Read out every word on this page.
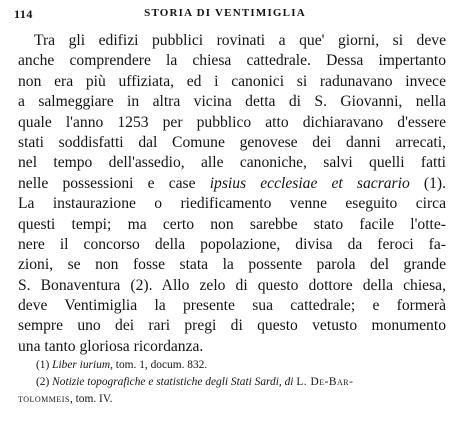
114	STORIA DI VENTIMIGLIA
Tra gli edifizi pubblici rovinati a que' giorni, si deve
anche comprendere la chiesa cattedrale. Dessa impertanto
non era più uffiziata, ed i canonici si radunavano invece
a salmeggiare in altra vicina detta di S. Giovanni, nella
quale l'anno 1253 per pubblico atto dichiaravano d'essere
stati soddisfatti dal Comune genovese dei danni arrecati,
nel tempo dell'assedio, alle canoniche, salvi quelli fatti
nelle possessioni e case ipsius ecclesiae et sacrario (1).
La instaurazione o riedificamento venne eseguito circa
questi tempi; ma certo non sarebbe stato facile l'otte-
nere il concorso della popolazione, divisa da feroci fa-
zioni, se non fosse stata la possente parola del grande
S. Bonaventura (2). Allo zelo di questo dottore della chiesa,
deve Ventimiglia la presente sua cattedrale; e formerà
sempre uno dei rari pregi di questo vetusto monumento
una tanto gloriosa ricordanza.
(1) Liber iurium, tom. 1, docum. 832.
(2) Notizie topografiche e statistiche degli Stati Sardi, di L. De-Bar-
tolommeis, tom. IV.
